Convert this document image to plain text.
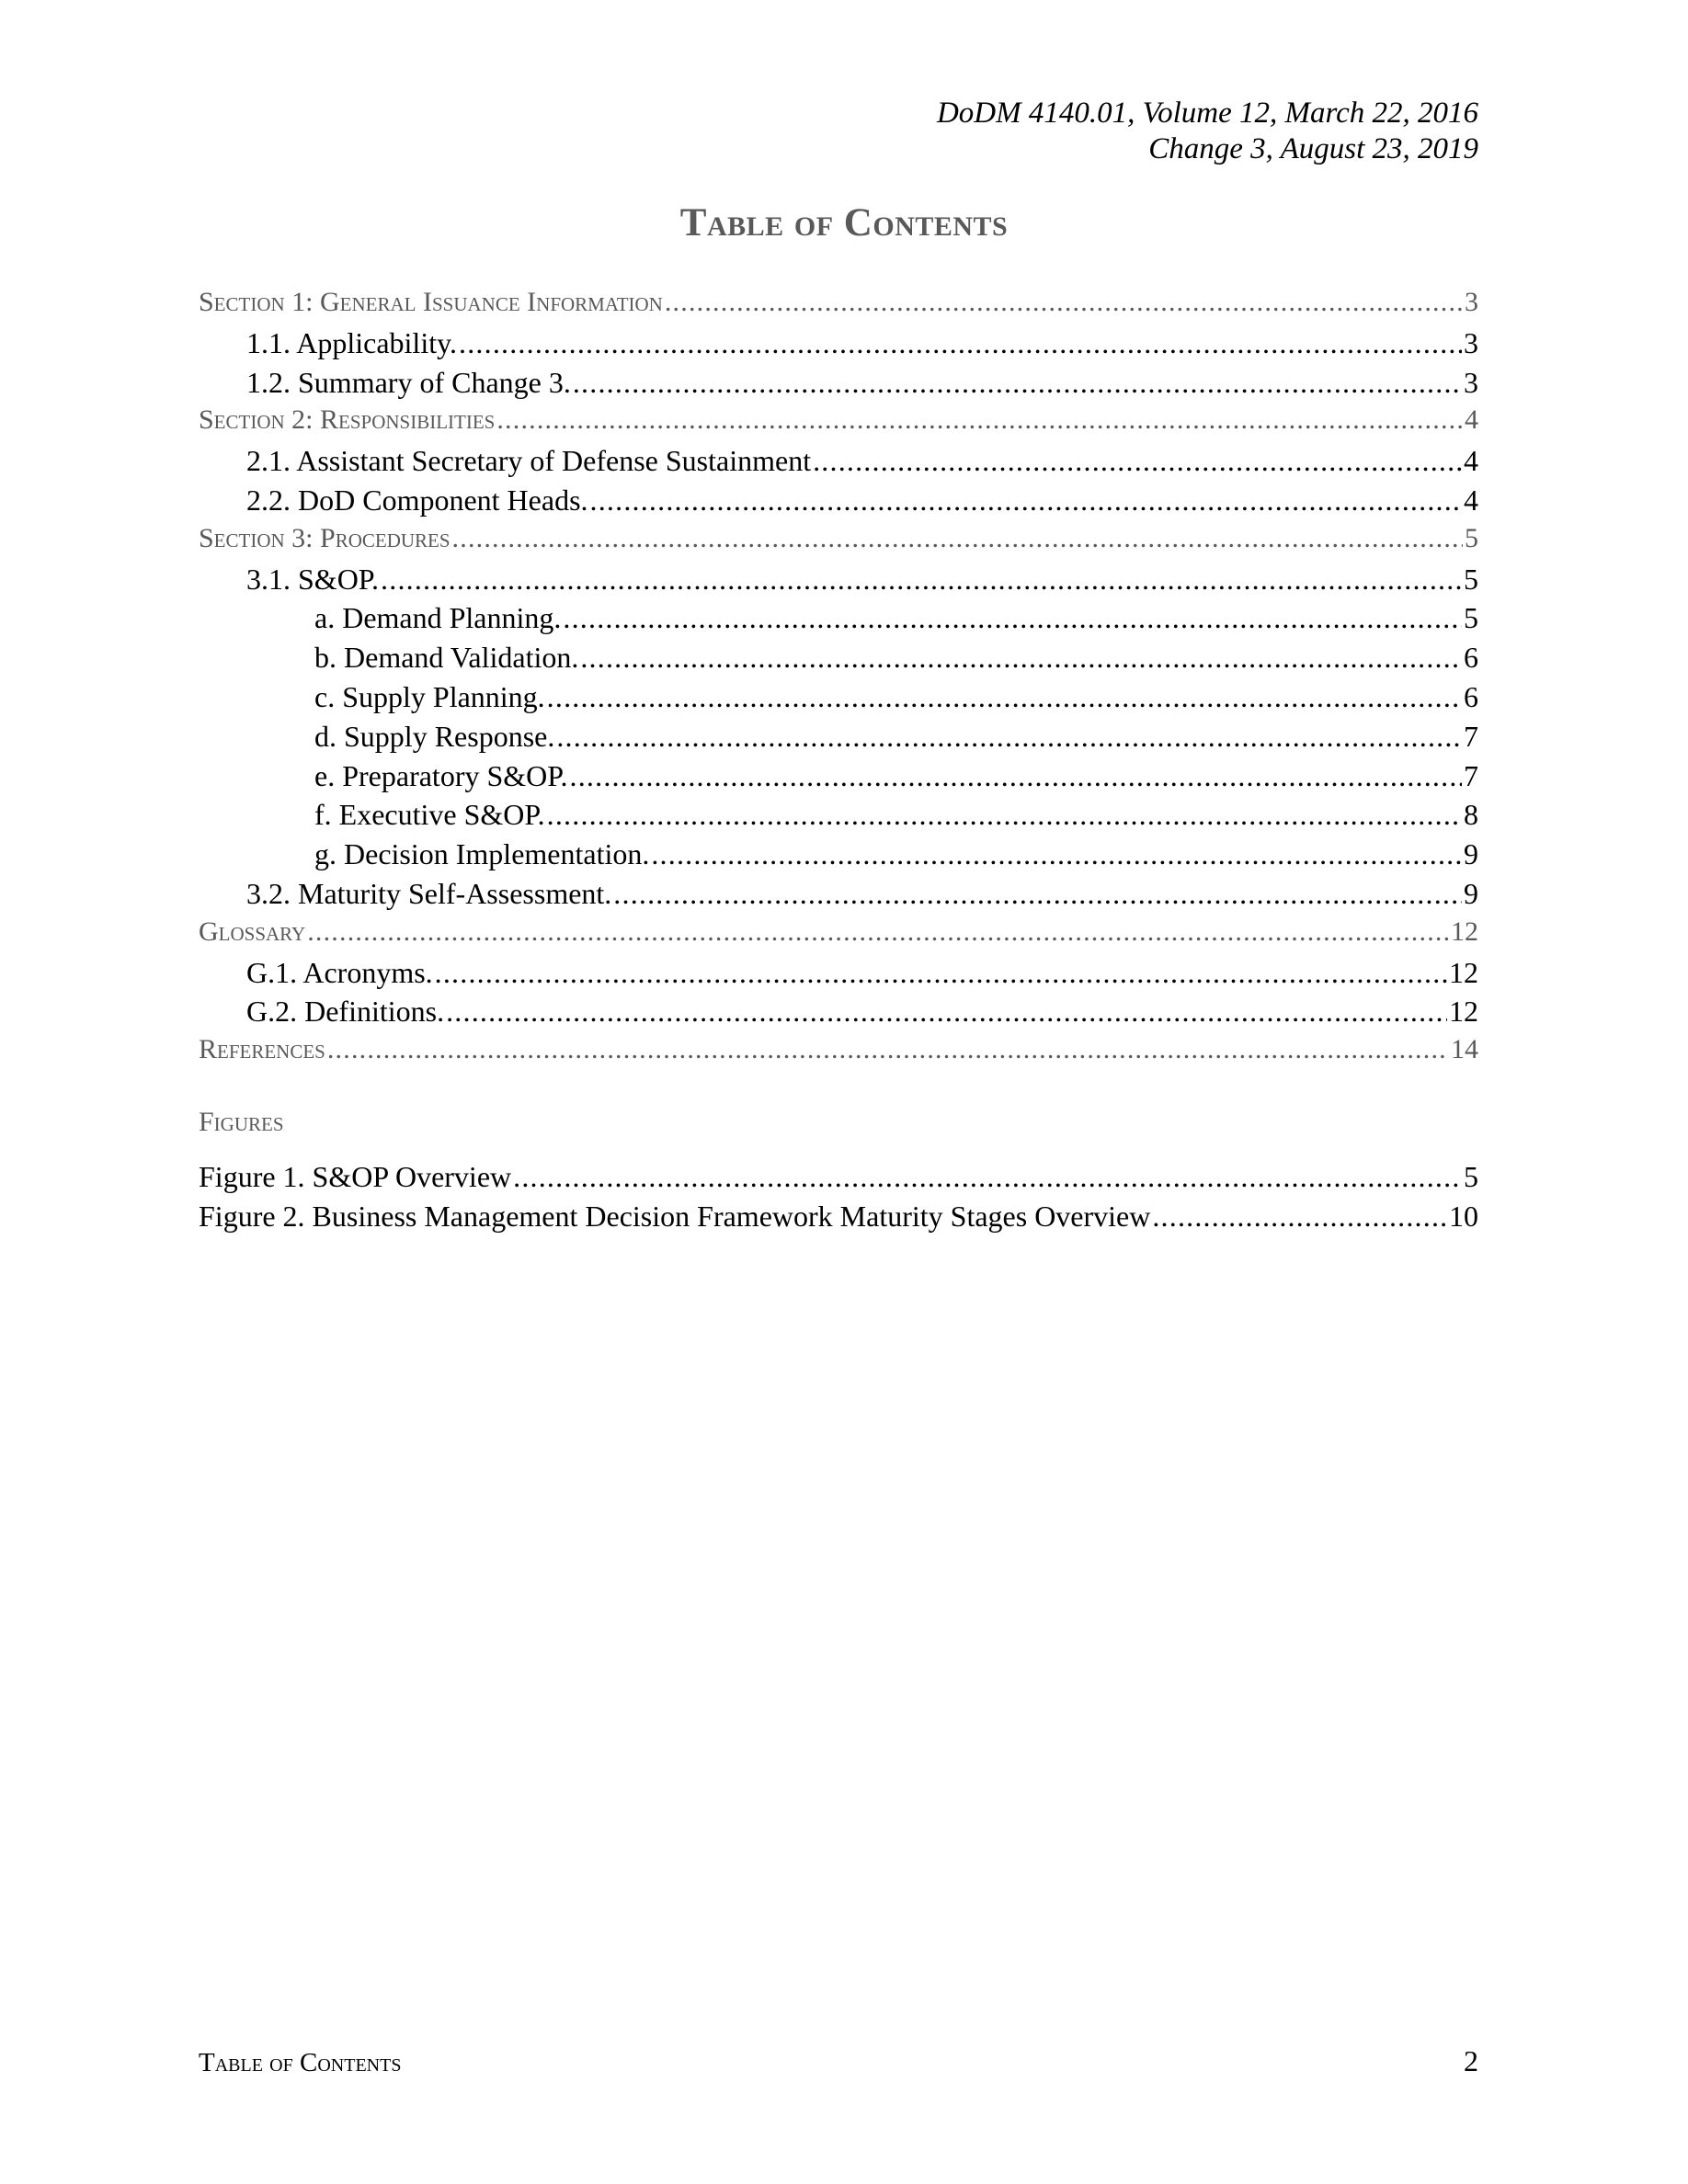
DoDM 4140.01, Volume 12, March 22, 2016
Change 3, August 23, 2019
Table of Contents
Section 1: General Issuance Information .....	3
1.1. Applicability. .....	3
1.2. Summary of Change 3. .....	3
Section 2: Responsibilities .....	4
2.1. Assistant Secretary of Defense Sustainment .....	4
2.2. DoD Component Heads. .....	4
Section 3: Procedures .....	5
3.1. S&OP. .....	5
a. Demand Planning. .....	5
b. Demand Validation. .....	6
c. Supply Planning. .....	6
d. Supply Response. .....	7
e. Preparatory S&OP. .....	7
f. Executive S&OP. .....	8
g. Decision Implementation. .....	9
3.2. Maturity Self-Assessment. .....	9
Glossary .....	12
G.1. Acronyms. .....	12
G.2. Definitions. .....	12
References .....	14
Figures
Figure 1. S&OP Overview .....	5
Figure 2. Business Management Decision Framework Maturity Stages Overview .....	10
Table of Contents	2
